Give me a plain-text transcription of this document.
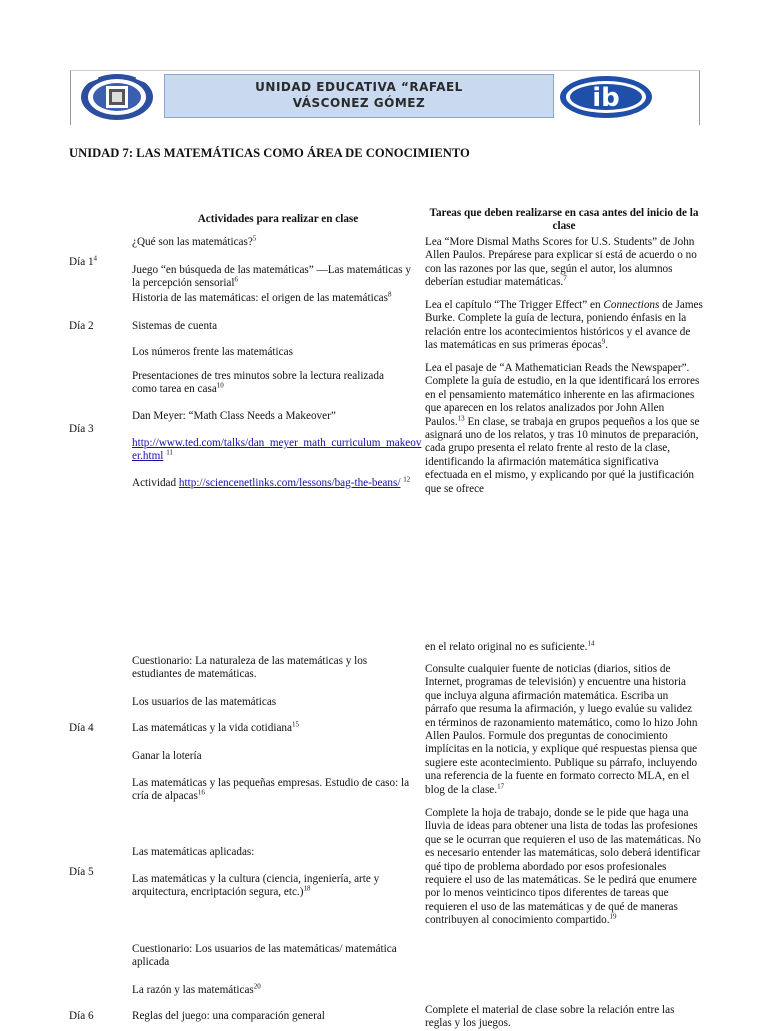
UNIDAD EDUCATIVA “RAFAEL
VÁSCONEZ GÓMEZ	ib
UNIDAD 7: LAS MATEMÁTICAS COMO ÁREA DE CONOCIMIENTO
Actividades para realizar en clase	Tareas que deben realizarse en casa antes del inicio de la clase
Día $1^4$
Día 2
Día 3
Día 4
Día 5
Día 6
¿Qué son las matemáticas?$^5$
Juego “en búsqueda de las matemáticas” —Las matemáticas y la percepción sensorial$^6$
Historia de las matemáticas: el origen de las matemáticas$^8$
Sistemas de cuenta
Los números frente las matemáticas
Presentaciones de tres minutos sobre la lectura realizada como tarea en casa$^{10}$
Dan Meyer: “Math Class Needs a Makeover”
http://www.ted.com/talks/dan_meyer_math_curriculum_makeover.html $^{11}$
Actividad http://sciencenetlinks.com/lessons/bag-the-beans/ $^{12}$
Cuestionario: La naturaleza de las matemáticas y los estudiantes de matemáticas.
Los usuarios de las matemáticas
Las matemáticas y la vida cotidiana$^{15}$
Ganar la lotería
Las matemáticas y las pequeñas empresas. Estudio de caso: la cría de alpacas$^{16}$
Las matemáticas aplicadas:
Las matemáticas y la cultura (ciencia, ingeniería, arte y arquitectura, encriptación segura, etc.)$^{18}$
Cuestionario: Los usuarios de las matemáticas/ matemática aplicada
La razón y las matemáticas$^{20}$
Reglas del juego: una comparación general
Lea “More Dismal Maths Scores for U.S. Students” de John Allen Paulos. Prepárese para explicar si está de acuerdo o no con las razones por las que, según el autor, los alumnos deberían estudiar matemáticas.$^7$
Lea el capítulo “The Trigger Effect” en Connections de James Burke. Complete la guía de lectura, poniendo énfasis en la relación entre los acontecimientos históricos y el avance de las matemáticas en sus primeras épocas$^9$.
Lea el pasaje de “A Mathematician Reads the Newspaper”. Complete la guía de estudio, en la que identificará los errores en el pensamiento matemático inherente en las afirmaciones que aparecen en los relatos analizados por John Allen Paulos.$^{13}$ En clase, se trabaja en grupos pequeños a los que se asignará uno de los relatos, y tras 10 minutos de preparación, cada grupo presenta el relato frente al resto de la clase, identificando la afirmación matemática significativa efectuada en el mismo, y explicando por qué la justificación que se ofrece
en el relato original no es suficiente.$^{14}$
Consulte cualquier fuente de noticias (diarios, sitios de Internet, programas de televisión) y encuentre una historia que incluya alguna afirmación matemática. Escriba un párrafo que resuma la afirmación, y luego evalúe su validez en términos de razonamiento matemático, como lo hizo John Allen Paulos. Formule dos preguntas de conocimiento implícitas en la noticia, y explique qué respuestas piensa que sugiere este acontecimiento. Publique su párrafo, incluyendo una referencia de la fuente en formato correcto MLA, en el blog de la clase.$^{17}$
Complete la hoja de trabajo, donde se le pide que haga una lluvia de ideas para obtener una lista de todas las profesiones que se le ocurran que requieren el uso de las matemáticas. No es necesario entender las matemáticas, solo deberá identificar qué tipo de problema abordado por esos profesionales requiere el uso de las matemáticas. Se le pedirá que enumere por lo menos veinticinco tipos diferentes de tareas que requieren el uso de las matemáticas y de qué de maneras contribuyen al conocimiento compartido.$^{19}$
Complete el material de clase sobre la relación entre las reglas y los juegos.
